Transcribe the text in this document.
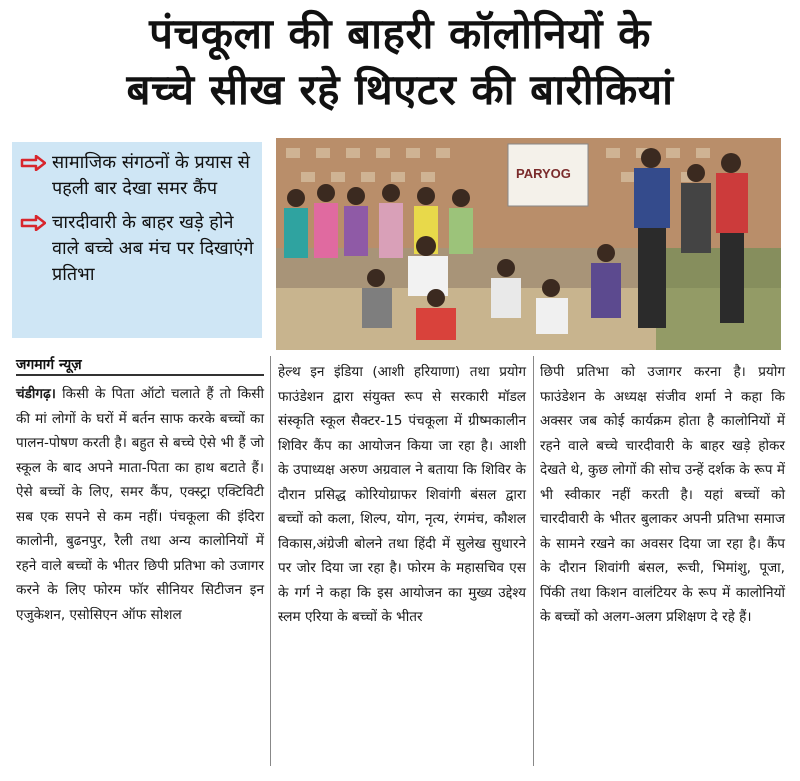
पंचकूला की बाहरी कॉलोनियों के
बच्चे सीख रहे थिएटर की बारीकियां
सामाजिक संगठनों के प्रयास से पहली बार देखा समर कैंप
चारदीवारी के बाहर खड़े होने वाले बच्चे अब मंच पर दिखाएंगे प्रतिभा
PARYOG
जगमार्ग न्यूज़
चंडीगढ़। किसी के पिता ऑटो चलाते हैं तो किसी की मां लोगों के घरों में बर्तन साफ करके बच्चों का पालन-पोषण करती है। बहुत से बच्चे ऐसे भी हैं जो स्कूल के बाद अपने माता-पिता का हाथ बटाते हैं। ऐसे बच्चों के लिए, समर कैंप, एक्स्ट्रा एक्टिविटी सब एक सपने से कम नहीं। पंचकूला की इंदिरा कालोनी, बुढनपुर, रैली तथा अन्य कालोनियों में रहने वाले बच्चों के भीतर छिपी प्रतिभा को उजागर करने के लिए फोरम फॉर सीनियर सिटीजन इन एजुकेशन, एसोसिएन ऑफ सोशल
हेल्थ इन इंडिया (आशी हरियाणा) तथा प्रयोग फाउंडेशन द्वारा संयुक्त रूप से सरकारी मॉडल संस्कृति स्कूल सैक्टर-15 पंचकूला में ग्रीष्मकालीन शिविर कैंप का आयोजन किया जा रहा है। आशी के उपाध्यक्ष अरुण अग्रवाल ने बताया कि शिविर के दौरान प्रसिद्ध कोरियोग्राफर शिवांगी बंसल द्वारा बच्चों को कला, शिल्प, योग, नृत्य, रंगमंच, कौशल विकास,अंग्रेजी बोलने तथा हिंदी में सुलेख सुधारने पर जोर दिया जा रहा है। फोरम के महासचिव एस के गर्ग ने कहा कि इस आयोजन का मुख्य उद्देश्य स्लम एरिया के बच्चों के भीतर
छिपी प्रतिभा को उजागर करना है। प्रयोग फाउंडेशन के अध्यक्ष संजीव शर्मा ने कहा कि अक्सर जब कोई कार्यक्रम होता है कालोनियों में रहने वाले बच्चे चारदीवारी के बाहर खड़े होकर देखते थे, कुछ लोगों की सोच उन्हें दर्शक के रूप में भी स्वीकार नहीं करती है। यहां बच्चों को चारदीवारी के भीतर बुलाकर अपनी प्रतिभा समाज के सामने रखने का अवसर दिया जा रहा है। कैंप के दौरान शिवांगी बंसल, रूची, भिमांशु, पूजा, पिंकी तथा किशन वालंटियर के रूप में कालोनियों के बच्चों को अलग-अलग प्रशिक्षण दे रहे हैं।
